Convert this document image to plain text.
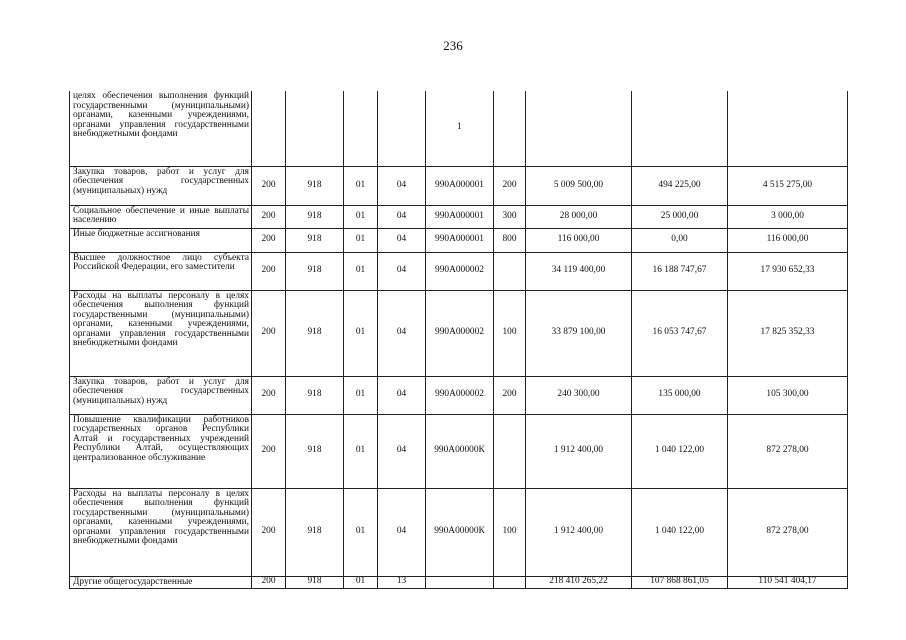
236
целях обеспечения выполнения функций государственными (муниципальными) органами, казенными учреждениями, органами управления государственными внебюджетными фондами					1				
Закупка товаров, работ и услуг для обеспечения государственных (муниципальных) нужд	200	918	01	04	990А000001	200	5 009 500,00	494 225,00	4 515 275,00
Социальное обеспечение и иные выплаты населению	200	918	01	04	990А000001	300	28 000,00	25 000,00	3 000,00
Иные бюджетные ассигнования	200	918	01	04	990А000001	800	116 000,00	0,00	116 000,00
Высшее должностное лицо субъекта Российской Федерации, его заместители	200	918	01	04	990А000002		34 119 400,00	16 188 747,67	17 930 652,33
Расходы на выплаты персоналу в целях обеспечения выполнения функций государственными (муниципальными) органами, казенными учреждениями, органами управления государственными внебюджетными фондами	200	918	01	04	990А000002	100	33 879 100,00	16 053 747,67	17 825 352,33
Закупка товаров, работ и услуг для обеспечения государственных (муниципальных) нужд	200	918	01	04	990А000002	200	240 300,00	135 000,00	105 300,00
Повышение квалификации работников государственных органов Республики Алтай и государственных учреждений Республики Алтай, осуществляющих централизованное обслуживание	200	918	01	04	990А00000К		1 912 400,00	1 040 122,00	872 278,00
Расходы на выплаты персоналу в целях обеспечения выполнения функций государственными (муниципальными) органами, казенными учреждениями, органами управления государственными внебюджетными фондами	200	918	01	04	990А00000К	100	1 912 400,00	1 040 122,00	872 278,00
Другие общегосударственные	200	918	01	13			218 410 265,22	107 868 861,05	110 541 404,17
